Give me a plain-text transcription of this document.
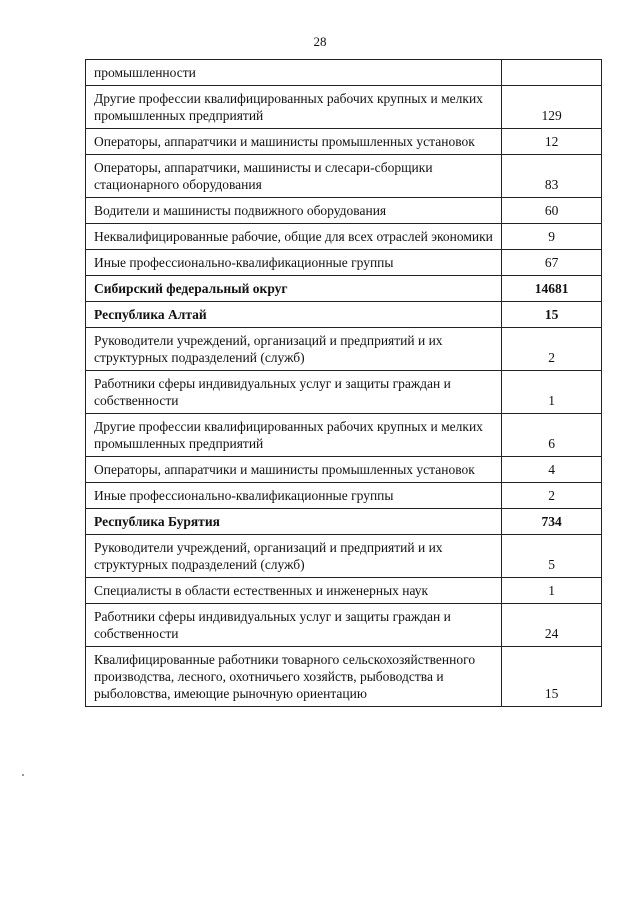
28
промышленности	
Другие профессии квалифицированных рабочих крупных и мелких промышленных предприятий	129
Операторы, аппаратчики и машинисты промышленных установок	12
Операторы, аппаратчики, машинисты и слесари-сборщики стационарного оборудования	83
Водители и машинисты подвижного оборудования	60
Неквалифицированные рабочие, общие для всех отраслей экономики	9
Иные профессионально-квалификационные группы	67
Сибирский федеральный округ	14681
Республика Алтай	15
Руководители учреждений, организаций и предприятий и их структурных подразделений (служб)	2
Работники сферы индивидуальных услуг и защиты граждан и собственности	1
Другие профессии квалифицированных рабочих крупных и мелких промышленных предприятий	6
Операторы, аппаратчики и машинисты промышленных установок	4
Иные профессионально-квалификационные группы	2
Республика Бурятия	734
Руководители учреждений, организаций и предприятий и их структурных подразделений (служб)	5
Специалисты в области естественных и инженерных наук	1
Работники сферы индивидуальных услуг и защиты граждан и собственности	24
Квалифицированные работники товарного сельскохозяйственного производства, лесного, охотничьего хозяйств, рыбоводства и рыболовства, имеющие рыночную ориентацию	15
